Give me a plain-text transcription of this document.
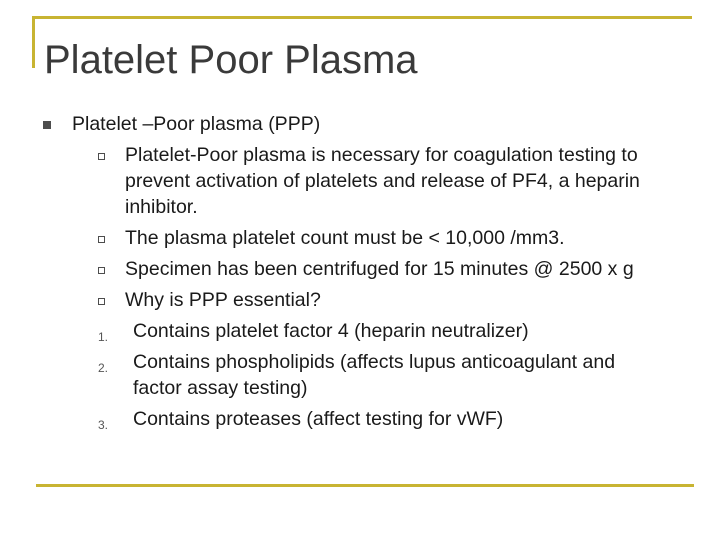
Platelet Poor Plasma
Platelet –Poor plasma (PPP)
Platelet-Poor plasma is necessary for coagulation testing to
prevent activation of platelets and release of PF4, a heparin
inhibitor.
The plasma platelet count must be < 10,000 /mm3.
Specimen has been centrifuged for 15 minutes @ 2500 x g
Why is PPP essential?
1. Contains platelet factor 4 (heparin neutralizer)
2. Contains phospholipids (affects lupus anticoagulant and
factor assay testing)
3. Contains proteases (affect testing for vWF)
